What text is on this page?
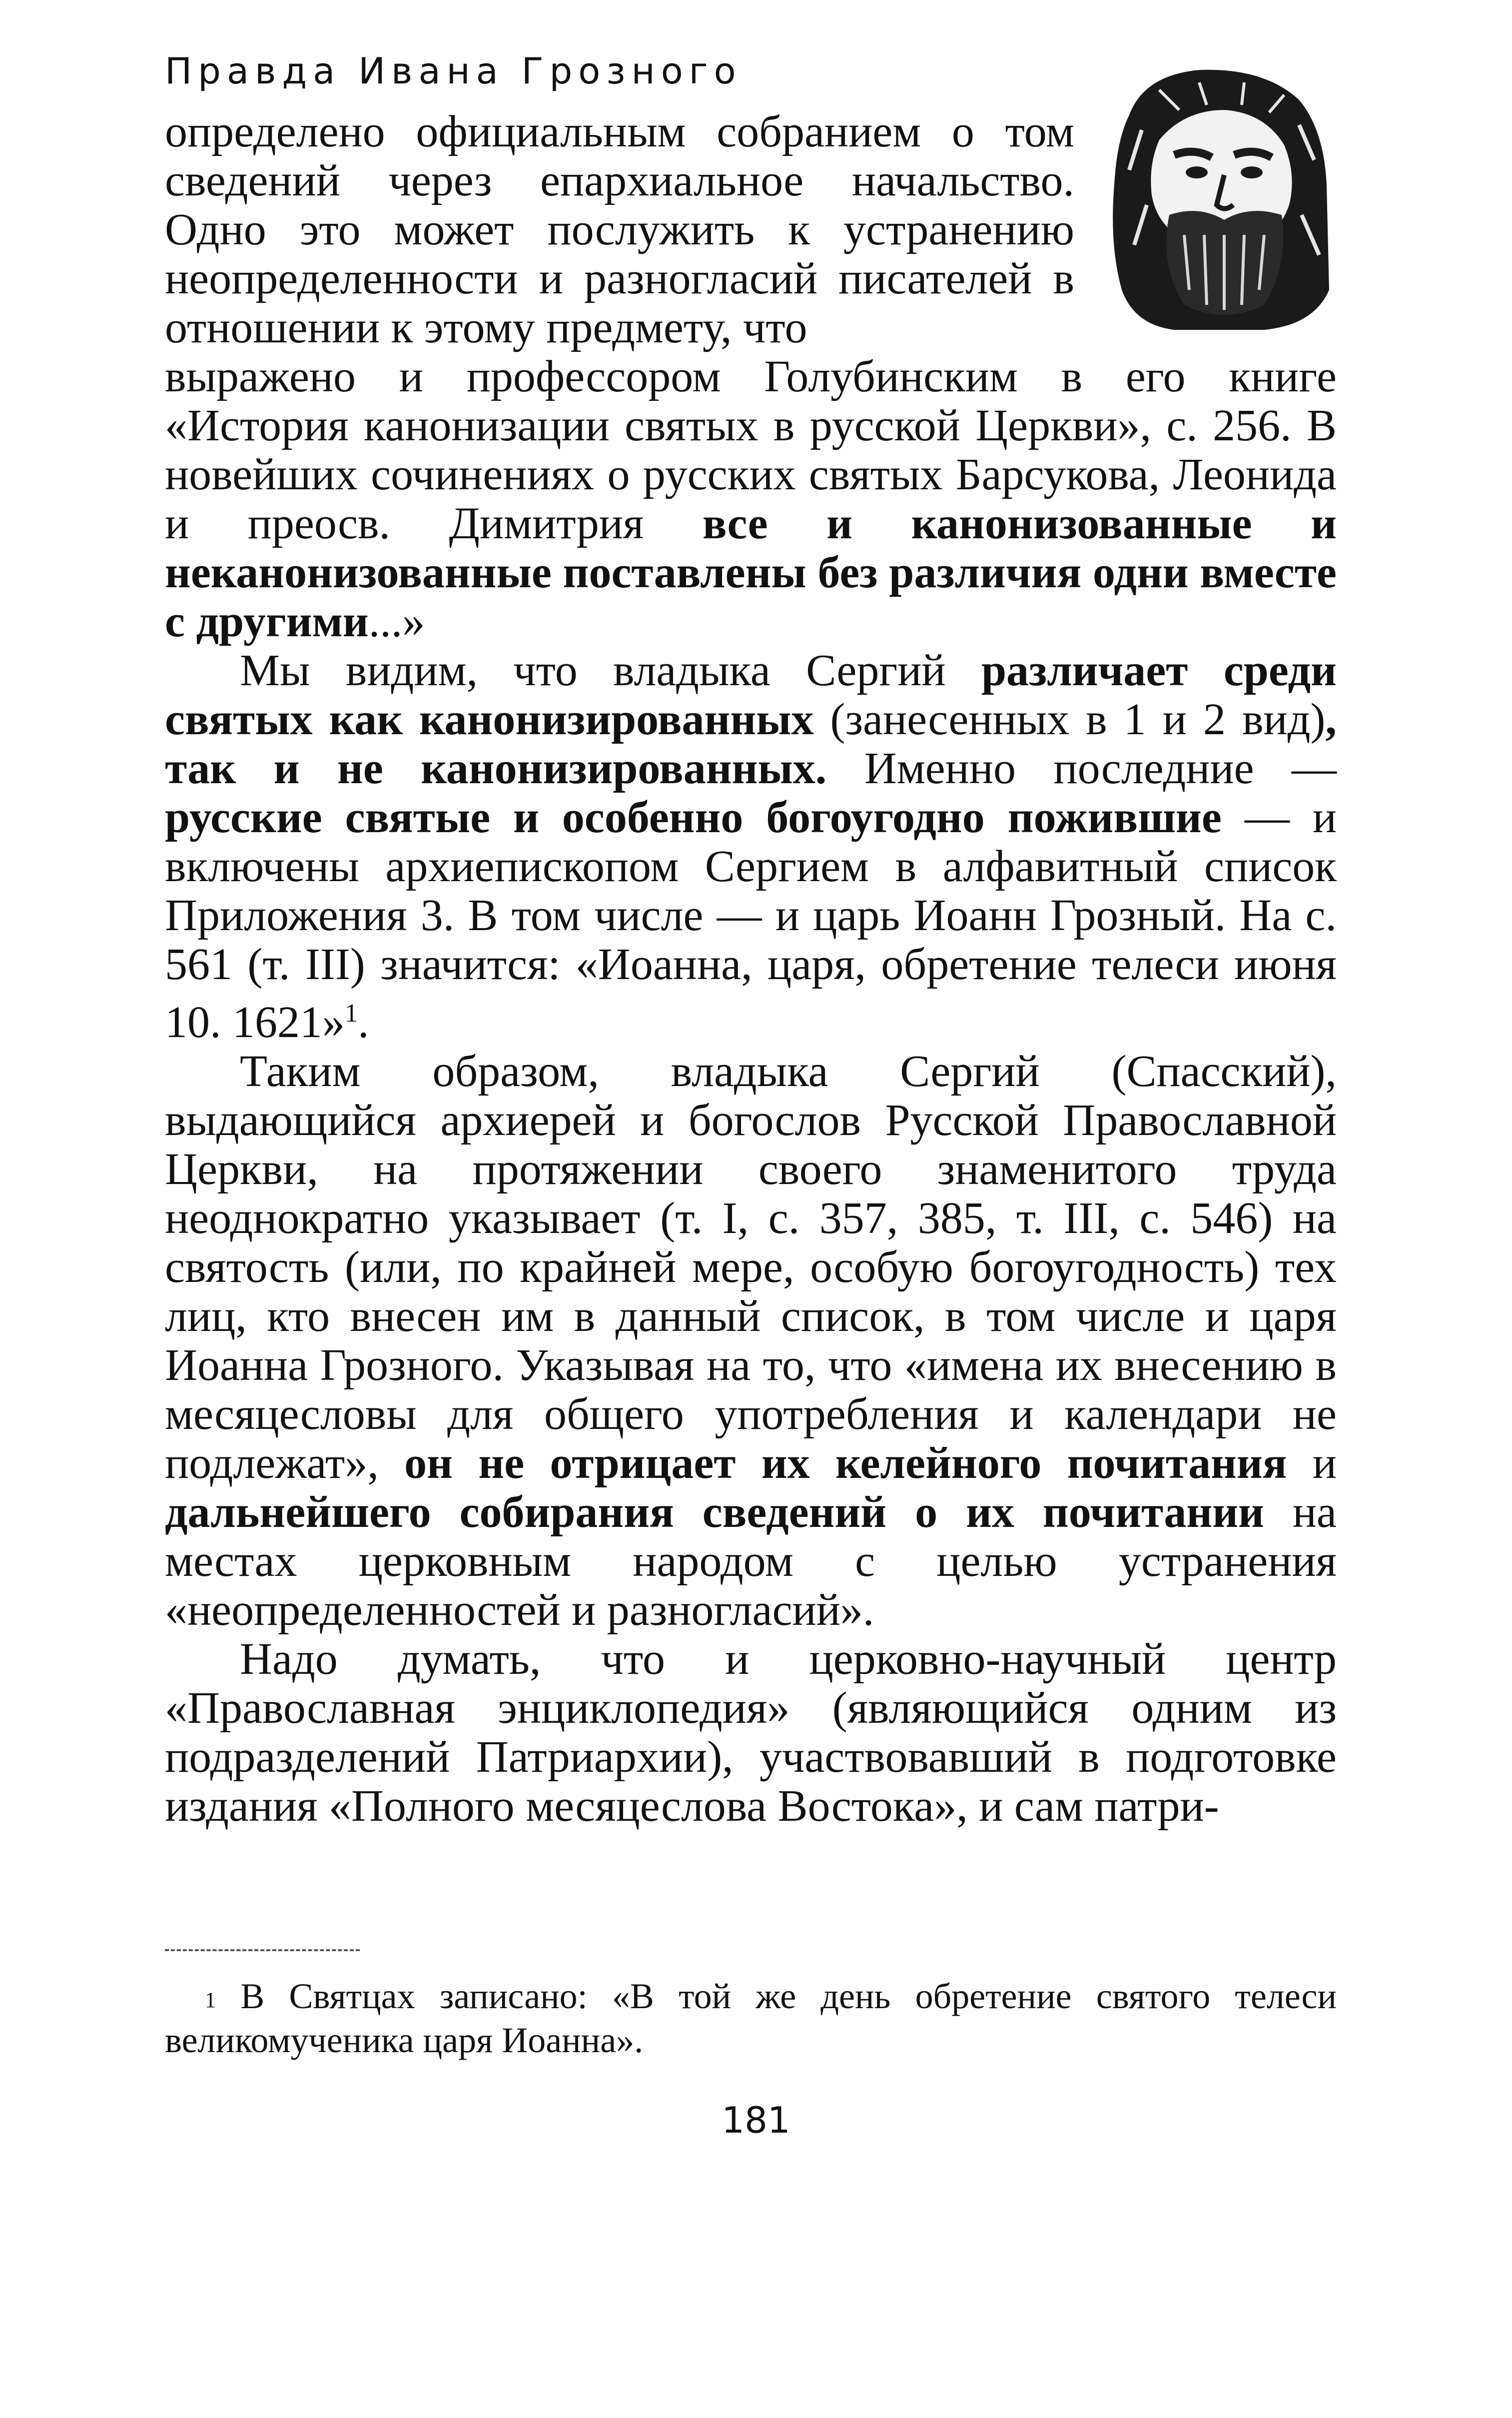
Правда Ивана Грозного

определено официальным собранием о том сведений через епархиальное начальство. Одно это может послужить к устранению неопределенности и разногласий писателей в отношении к этому предмету, что
выражено и профессором Голубинским в его книге «История канонизации святых в русской Церкви», с. 256. В новейших сочинениях о русских святых Барсукова, Леонида и преосв. Димитрия все и канонизованные и неканонизованные поставлены без различия одни вместе с другими...»

Мы видим, что владыка Сергий различает среди святых как канонизированных (занесенных в 1 и 2 вид), так и не канонизированных. Именно последние — русские святые и особенно богоугодно пожившие — и включены архиепископом Сергием в алфавитный список Приложения 3. В том числе — и царь Иоанн Грозный. На с. 561 (т. III) значится: «Иоанна, царя, обретение телеси июня 10. 1621»$^1$.

Таким образом, владыка Сергий (Спасский), выдающийся архиерей и богослов Русской Православной Церкви, на протяжении своего знаменитого труда неоднократно указывает (т. I, с. 357, 385, т. III, с. 546) на святость (или, по крайней мере, особую богоугодность) тех лиц, кто внесен им в данный список, в том числе и царя Иоанна Грозного. Указывая на то, что «имена их внесению в месяцесловы для общего употребления и календари не подлежат», он не отрицает их келейного почитания и дальнейшего собирания сведений о их почитании на местах церковным народом с целью устранения «неопределенностей и разногласий».

Надо думать, что и церковно-научный центр «Православная энциклопедия» (являющийся одним из подразделений Патриархии), участвовавший в подготовке издания «Полного месяцеслова Востока», и сам патри-

$^1$ В Святцах записано: «В той же день обретение святого телеси великомученика царя Иоанна».
181
